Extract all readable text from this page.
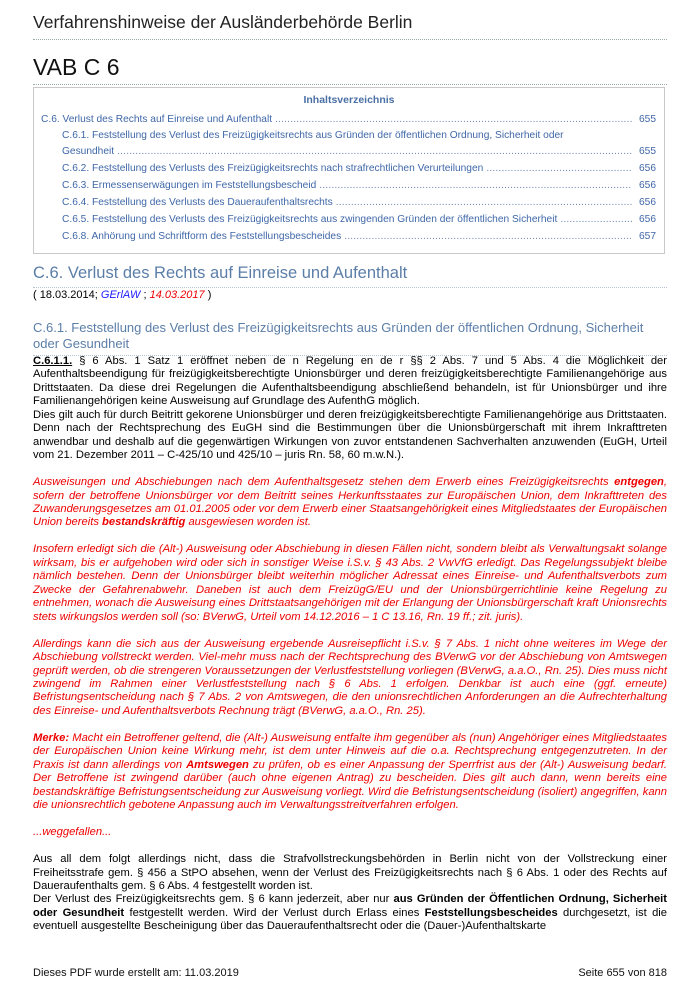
Verfahrenshinweise der Ausländerbehörde Berlin
VAB C 6
Inhaltsverzeichnis
C.6. Verlust des Rechts auf Einreise und Aufenthalt .....	655
C.6.1. Feststellung des Verlust des Freizügigkeitsrechts aus Gründen der öffentlichen Ordnung, Sicherheit oder
Gesundheit .....	655
C.6.2. Feststellung des Verlusts des Freizügigkeitsrechts nach strafrechtlichen Verurteilungen .....	656
C.6.3. Ermessenserwägungen im Feststellungsbescheid .....	656
C.6.4. Feststellung des Verlusts des Daueraufenthaltsrechts .....	656
C.6.5. Feststellung des Verlusts des Freizügigkeitsrechts aus zwingenden Gründen der öffentlichen Sicherheit .....	656
C.6.8. Anhörung und Schriftform des Feststellungsbescheides .....	657
C.6. Verlust des Rechts auf Einreise und Aufenthalt
( 18.03.2014; GErlAW ; 14.03.2017 )
C.6.1. Feststellung des Verlust des Freizügigkeitsrechts aus Gründen der öffentlichen Ordnung, Sicherheit oder Gesundheit

C.6.1.1. § 6 Abs. 1 Satz 1 eröffnet neben de n Regelung en de r §§ 2 Abs. 7 und 5 Abs. 4 die Möglichkeit der Aufenthaltsbeendigung für freizügigkeitsberechtigte Unionsbürger und deren freizügigkeitsberechtigte Familienangehörige aus Drittstaaten. Da diese drei Regelungen die Aufenthaltsbeendigung abschließend behandeln, ist für Unionsbürger und ihre Familienangehörigen keine Ausweisung auf Grundlage des AufenthG möglich.

Dies gilt auch für durch Beitritt gekorene Unionsbürger und deren freizügigkeitsberechtigte Familienangehörige aus Drittstaaten. Denn nach der Rechtsprechung des EuGH sind die Bestimmungen über die Unionsbürgerschaft mit ihrem Inkrafttreten anwendbar und deshalb auf die gegenwärtigen Wirkungen von zuvor entstandenen Sachverhalten anzuwenden (EuGH, Urteil vom 21. Dezember 2011 – C-425/10 und 425/10 – juris Rn. 58, 60 m.w.N.).

Ausweisungen und Abschiebungen nach dem Aufenthaltsgesetz stehen dem Erwerb eines Freizügigkeitsrechts entgegen, sofern der betroffene Unionsbürger vor dem Beitritt seines Herkunftsstaates zur Europäischen Union, dem Inkrafttreten des Zuwanderungsgesetzes am 01.01.2005 oder vor dem Erwerb einer Staatsangehörigkeit eines Mitgliedstaates der Europäischen Union bereits bestandskräftig ausgewiesen worden ist.

Insofern erledigt sich die (Alt-) Ausweisung oder Abschiebung in diesen Fällen nicht, sondern bleibt als Verwaltungsakt solange wirksam, bis er aufgehoben wird oder sich in sonstiger Weise i.S.v. § 43 Abs. 2 VwVfG erledigt. Das Regelungssubjekt bleibe nämlich bestehen. Denn der Unionsbürger bleibt weiterhin möglicher Adressat eines Einreise- und Aufenthaltsverbots zum Zwecke der Gefahrenabwehr. Daneben ist auch dem FreizügG/EU und der Unionsbürgerrichtlinie keine Regelung zu entnehmen, wonach die Ausweisung eines Drittstaatsangehörigen mit der Erlangung der Unionsbürgerschaft kraft Unionsrechts stets wirkungslos werden soll (so: BVerwG, Urteil vom 14.12.2016 – 1 C 13.16, Rn. 19 ff.; zit. juris).

Allerdings kann die sich aus der Ausweisung ergebende Ausreisepflicht i.S.v. § 7 Abs. 1 nicht ohne weiteres im Wege der Abschiebung vollstreckt werden. Viel-mehr muss nach der Rechtsprechung des BVerwG vor der Abschiebung von Amtswegen geprüft werden, ob die strengeren Voraussetzungen der Verlustfeststellung vorliegen (BVerwG, a.a.O., Rn. 25). Dies muss nicht zwingend im Rahmen einer Verlustfeststellung nach § 6 Abs. 1 erfolgen. Denkbar ist auch eine (ggf. erneute) Befristungsentscheidung nach § 7 Abs. 2 von Amtswegen, die den unionsrechtlichen Anforderungen an die Aufrechterhaltung des Einreise- und Aufenthaltsverbots Rechnung trägt (BVerwG, a.a.O., Rn. 25).

Merke: Macht ein Betroffener geltend, die (Alt-) Ausweisung entfalte ihm gegenüber als (nun) Angehöriger eines Mitgliedstaates der Europäischen Union keine Wirkung mehr, ist dem unter Hinweis auf die o.a. Rechtsprechung entgegenzutreten. In der Praxis ist dann allerdings von Amtswegen zu prüfen, ob es einer Anpassung der Sperrfrist aus der (Alt-) Ausweisung bedarf. Der Betroffene ist zwingend darüber (auch ohne eigenen Antrag) zu bescheiden. Dies gilt auch dann, wenn bereits eine bestandskräftige Befristungsentscheidung zur Ausweisung vorliegt. Wird die Befristungsentscheidung (isoliert) angegriffen, kann die unionsrechtlich gebotene Anpassung auch im Verwaltungsstreitverfahren erfolgen.

...weggefallen...

Aus all dem folgt allerdings nicht, dass die Strafvollstreckungsbehörden in Berlin nicht von der Vollstreckung einer Freiheitsstrafe gem. § 456 a StPO absehen, wenn der Verlust des Freizügigkeitsrechts nach § 6 Abs. 1 oder des Rechts auf Daueraufenthalts gem. § 6 Abs. 4 festgestellt worden ist.

Der Verlust des Freizügigkeitsrechts gem. § 6 kann jederzeit, aber nur aus Gründen der Öffentlichen Ordnung, Sicherheit oder Gesundheit festgestellt werden. Wird der Verlust durch Erlass eines Feststellungsbescheides durchgesetzt, ist die eventuell ausgestellte Bescheinigung über das Daueraufenthaltsrecht oder die (Dauer-)Aufenthaltskarte

Dieses PDF wurde erstellt am: 11.03.2019	Seite 655 von 818
